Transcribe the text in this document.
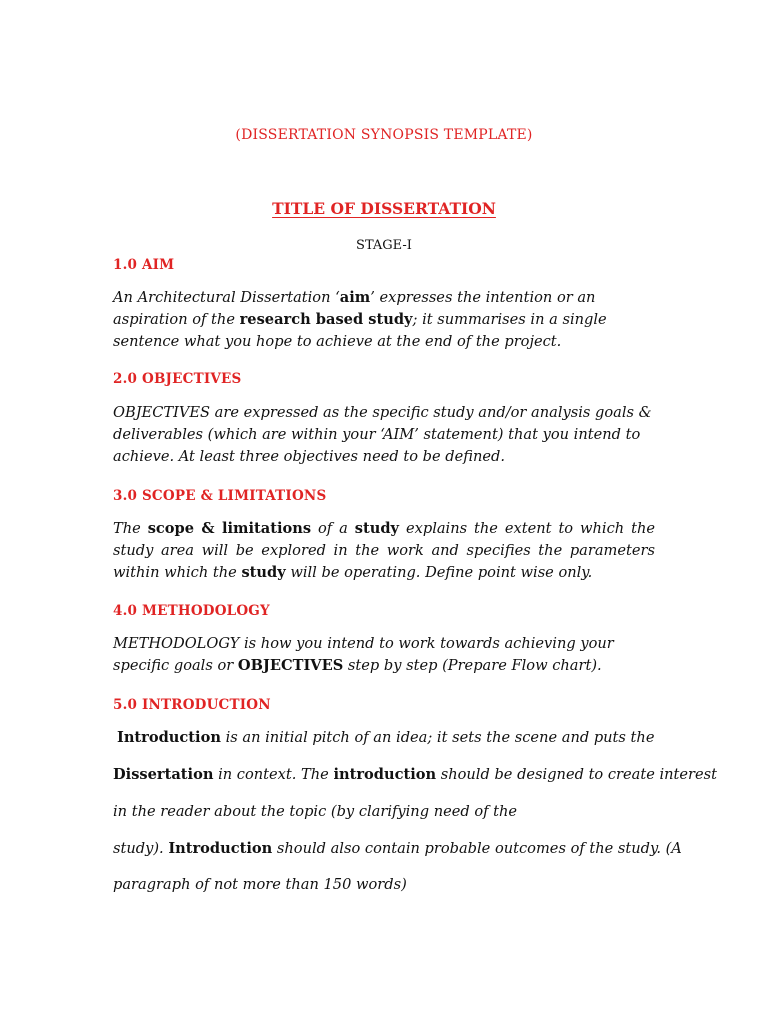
(DISSERTATION SYNOPSIS TEMPLATE)
TITLE OF DISSERTATION
STAGE-I
1.0 AIM
An Architectural Dissertation ‘aim’ expresses the intention or an aspiration of the research based study; it summarises in a single sentence what you hope to achieve at the end of the project.
2.0 OBJECTIVES
OBJECTIVES are expressed as the specific study and/or analysis goals & deliverables (which are within your ‘AIM’ statement) that you intend to achieve. At least three objectives need to be defined.
3.0 SCOPE & LIMITATIONS
The scope & limitations of a study explains the extent to which the study area will be explored in the work and specifies the parameters within which the study will be operating. Define point wise only.
4.0 METHODOLOGY
METHODOLOGY is how you intend to work towards achieving your specific goals or OBJECTIVES step by step (Prepare Flow chart).
5.0 INTRODUCTION
Introduction is an initial pitch of an idea; it sets the scene and puts the
Dissertation in context. The introduction should be designed to create interest
in the reader about the topic (by clarifying need of the
study). Introduction should also contain probable outcomes of the study. (A
paragraph of not more than 150 words)
